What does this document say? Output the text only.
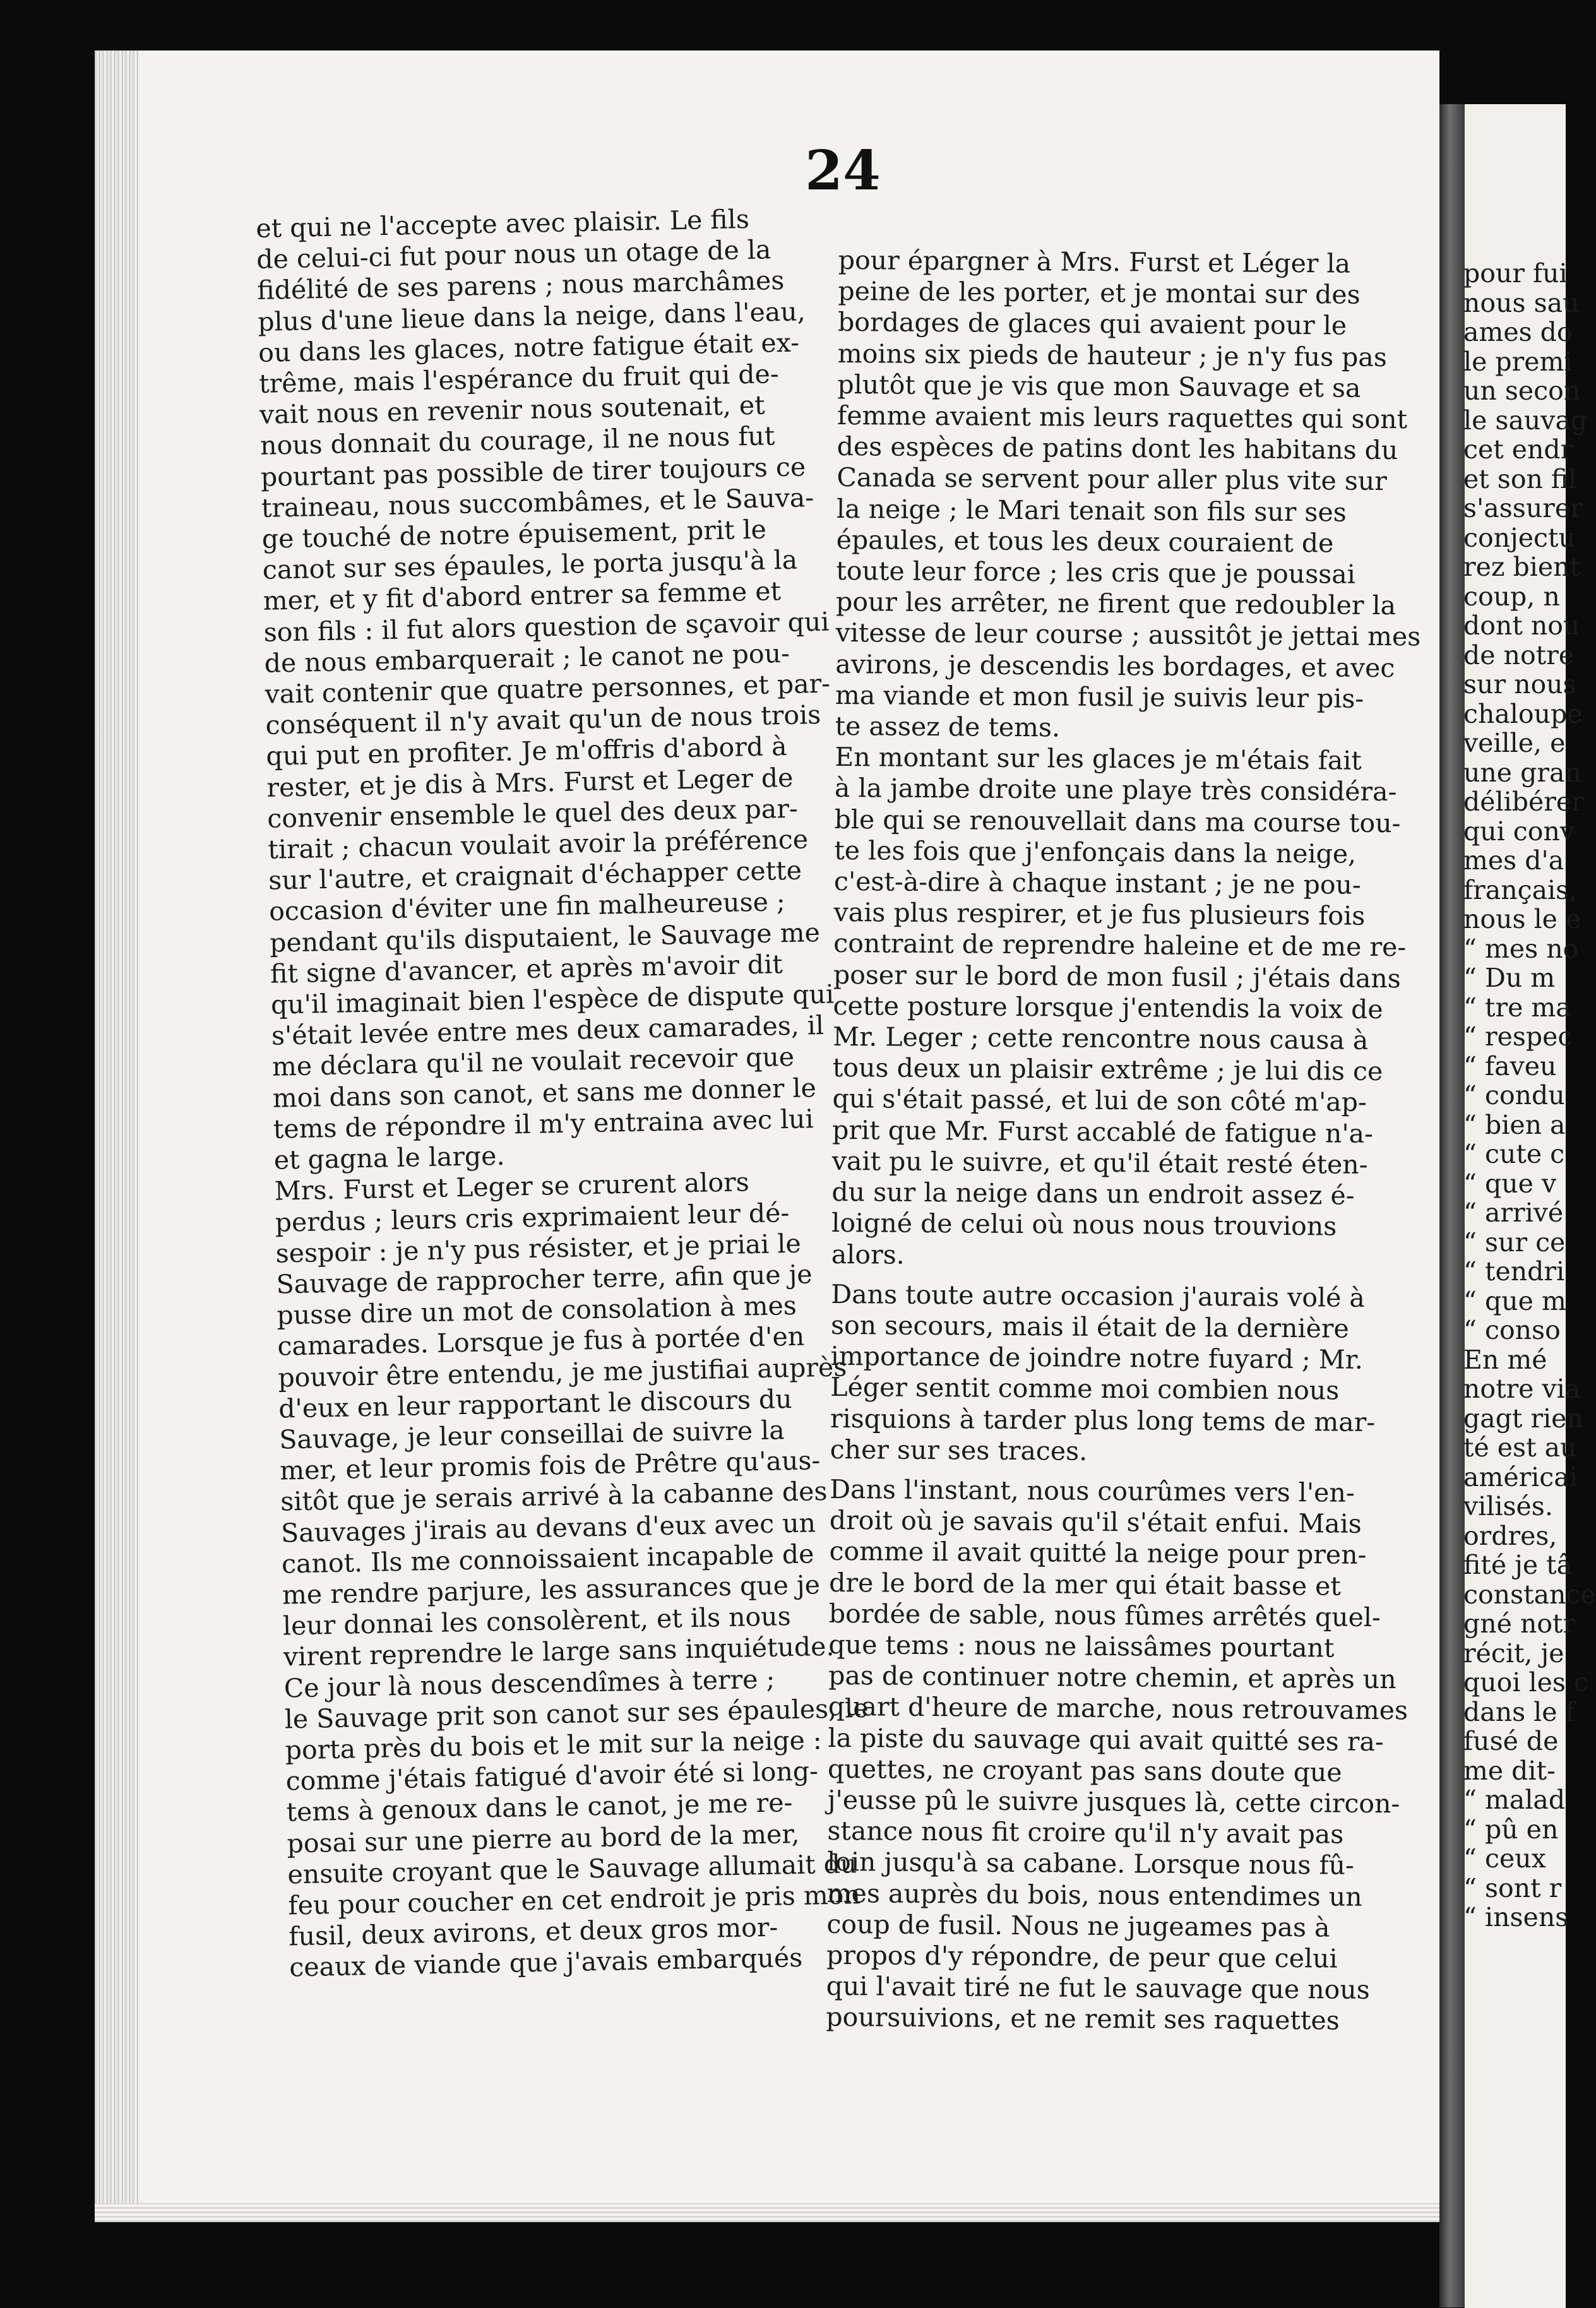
24
et qui ne l'accepte avec plaisir. Le fils
de celui-ci fut pour nous un otage de la
fidélité de ses parens ; nous marchâmes
plus d'une lieue dans la neige, dans l'eau,
ou dans les glaces, notre fatigue était ex-
trême, mais l'espérance du fruit qui de-
vait nous en revenir nous soutenait, et
nous donnait du courage, il ne nous fut
pourtant pas possible de tirer toujours ce
traineau, nous succombâmes, et le Sauva-
ge touché de notre épuisement, prit le
canot sur ses épaules, le porta jusqu'à la
mer, et y fit d'abord entrer sa femme et
son fils : il fut alors question de sçavoir qui
de nous embarquerait ; le canot ne pou-
vait contenir que quatre personnes, et par-
conséquent il n'y avait qu'un de nous trois
qui put en profiter. Je m'offris d'abord à
rester, et je dis à Mrs. Furst et Leger de
convenir ensemble le quel des deux par-
tirait ; chacun voulait avoir la préférence
sur l'autre, et craignait d'échapper cette
occasion d'éviter une fin malheureuse ;
pendant qu'ils disputaient, le Sauvage me
fit signe d'avancer, et après m'avoir dit
qu'il imaginait bien l'espèce de dispute qui
s'était levée entre mes deux camarades, il
me déclara qu'il ne voulait recevoir que
moi dans son canot, et sans me donner le
tems de répondre il m'y entraina avec lui
et gagna le large.
Mrs. Furst et Leger se crurent alors
perdus ; leurs cris exprimaient leur dé-
sespoir : je n'y pus résister, et je priai le
Sauvage de rapprocher terre, afin que je
pusse dire un mot de consolation à mes
camarades. Lorsque je fus à portée d'en
pouvoir être entendu, je me justifiai auprès
d'eux en leur rapportant le discours du
Sauvage, je leur conseillai de suivre la
mer, et leur promis fois de Prêtre qu'aus-
sitôt que je serais arrivé à la cabanne des
Sauvages j'irais au devans d'eux avec un
canot. Ils me connoissaient incapable de
me rendre parjure, les assurances que je
leur donnai les consolèrent, et ils nous
virent reprendre le large sans inquiétude.
Ce jour là nous descendîmes à terre ;
le Sauvage prit son canot sur ses épaules, le
porta près du bois et le mit sur la neige :
comme j'étais fatigué d'avoir été si long-
tems à genoux dans le canot, je me re-
posai sur une pierre au bord de la mer,
ensuite croyant que le Sauvage allumait du
feu pour coucher en cet endroit je pris mon
fusil, deux avirons, et deux gros mor-
ceaux de viande que j'avais embarqués
pour épargner à Mrs. Furst et Léger la
peine de les porter, et je montai sur des
bordages de glaces qui avaient pour le
moins six pieds de hauteur ; je n'y fus pas
plutôt que je vis que mon Sauvage et sa
femme avaient mis leurs raquettes qui sont
des espèces de patins dont les habitans du
Canada se servent pour aller plus vite sur
la neige ; le Mari tenait son fils sur ses
épaules, et tous les deux couraient de
toute leur force ; les cris que je poussai
pour les arrêter, ne firent que redoubler la
vitesse de leur course ; aussitôt je jettai mes
avirons, je descendis les bordages, et avec
ma viande et mon fusil je suivis leur pis-
te assez de tems.
En montant sur les glaces je m'étais fait
à la jambe droite une playe très considéra-
ble qui se renouvellait dans ma course tou-
te les fois que j'enfonçais dans la neige,
c'est-à-dire à chaque instant ; je ne pou-
vais plus respirer, et je fus plusieurs fois
contraint de reprendre haleine et de me re-
poser sur le bord de mon fusil ; j'étais dans
cette posture lorsque j'entendis la voix de
Mr. Leger ; cette rencontre nous causa à
tous deux un plaisir extrême ; je lui dis ce
qui s'était passé, et lui de son côté m'ap-
prit que Mr. Furst accablé de fatigue n'a-
vait pu le suivre, et qu'il était resté éten-
du sur la neige dans un endroit assez é-
loigné de celui où nous nous trouvions
alors.
Dans toute autre occasion j'aurais volé à
son secours, mais il était de la dernière
importance de joindre notre fuyard ; Mr.
Léger sentit comme moi combien nous
risquions à tarder plus long tems de mar-
cher sur ses traces.
Dans l'instant, nous courûmes vers l'en-
droit où je savais qu'il s'était enfui. Mais
comme il avait quitté la neige pour pren-
dre le bord de la mer qui était basse et
bordée de sable, nous fûmes arrêtés quel-
que tems : nous ne laissâmes pourtant
pas de continuer notre chemin, et après un
quart d'heure de marche, nous retrouvames
la piste du sauvage qui avait quitté ses ra-
quettes, ne croyant pas sans doute que
j'eusse pû le suivre jusques là, cette circon-
stance nous fit croire qu'il n'y avait pas
loin jusqu'à sa cabane. Lorsque nous fû-
mes auprès du bois, nous entendimes un
coup de fusil. Nous ne jugeames pas à
propos d'y répondre, de peur que celui
qui l'avait tiré ne fut le sauvage que nous
poursuivions, et ne remit ses raquettes
pour fui
nous sau
ames do
le premi
un secon
le sauvag
cet endr
et son fil
s'assurer
conjectu
rez bient
coup, n
dont nou
de notre
sur nous
chaloupe
veille, e
une gran
délibérer
qui conv
mes d'a
français,
nous le e
“ mes no
“ Du m
“ tre ma
“ respec
“ faveu
“ condu
“ bien a
“ cute c
“ que v
“ arrivé
“ sur ce
“ tendri
“ que m
“ conso
En mé
notre via
gagt rien
té est au
américai
vilisés.
ordres,
fité je tâ
constance
gné notr
récit, je
quoi les c
dans le f
fusé de
me dit-
“ malad
“ pû en
“ ceux
“ sont r
“ insens
